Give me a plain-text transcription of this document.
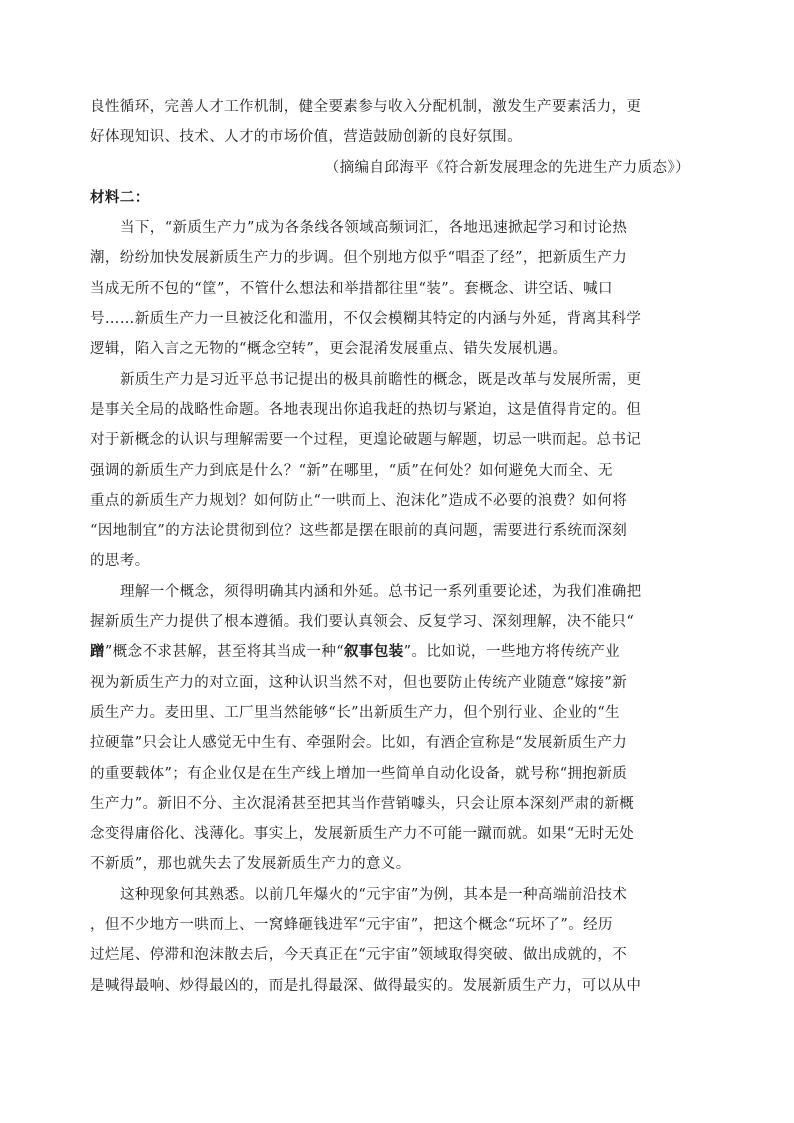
良性循环，完善人才工作机制，健全要素参与收入分配机制，激发生产要素活力，更
好体现知识、技术、人才的市场价值，营造鼓励创新的良好氛围。
（摘编自邱海平《符合新发展理念的先进生产力质态》）
材料二：
当下，“新质生产力”成为各条线各领域高频词汇，各地迅速掀起学习和讨论热
潮，纷纷加快发展新质生产力的步调。但个别地方似乎“唱歪了经”，把新质生产力
当成无所不包的“筐”，不管什么想法和举措都往里“装”。套概念、讲空话、喊口
号……新质生产力一旦被泛化和滥用，不仅会模糊其特定的内涵与外延，背离其科学
逻辑，陷入言之无物的“概念空转”，更会混淆发展重点、错失发展机遇。
新质生产力是习近平总书记提出的极具前瞻性的概念，既是改革与发展所需，更
是事关全局的战略性命题。各地表现出你追我赶的热切与紧迫，这是值得肯定的。但
对于新概念的认识与理解需要一个过程，更遑论破题与解题，切忌一哄而起。总书记
强调的新质生产力到底是什么？“新”在哪里，“质”在何处？如何避免大而全、无
重点的新质生产力规划？如何防止“一哄而上、泡沫化”造成不必要的浪费？如何将
“因地制宜”的方法论贯彻到位？这些都是摆在眼前的真问题，需要进行系统而深刻
的思考。
理解一个概念，须得明确其内涵和外延。总书记一系列重要论述，为我们准确把
握新质生产力提供了根本遵循。我们要认真领会、反复学习、深刻理解，决不能只“
蹭”概念不求甚解，甚至将其当成一种“叙事包装”。比如说，一些地方将传统产业
视为新质生产力的对立面，这种认识当然不对，但也要防止传统产业随意“嫁接”新
质生产力。麦田里、工厂里当然能够“长”出新质生产力，但个别行业、企业的“生
拉硬靠”只会让人感觉无中生有、牵强附会。比如，有酒企宣称是“发展新质生产力
的重要载体”；有企业仅是在生产线上增加一些简单自动化设备，就号称“拥抱新质
生产力”。新旧不分、主次混淆甚至把其当作营销噱头，只会让原本深刻严肃的新概
念变得庸俗化、浅薄化。事实上，发展新质生产力不可能一蹴而就。如果“无时无处
不新质”，那也就失去了发展新质生产力的意义。
这种现象何其熟悉。以前几年爆火的“元宇宙”为例，其本是一种高端前沿技术
，但不少地方一哄而上、一窝蜂砸钱进军“元宇宙”，把这个概念“玩坏了”。经历
过烂尾、停滞和泡沫散去后，今天真正在“元宇宙”领域取得突破、做出成就的，不
是喊得最响、炒得最凶的，而是扎得最深、做得最实的。发展新质生产力，可以从中
